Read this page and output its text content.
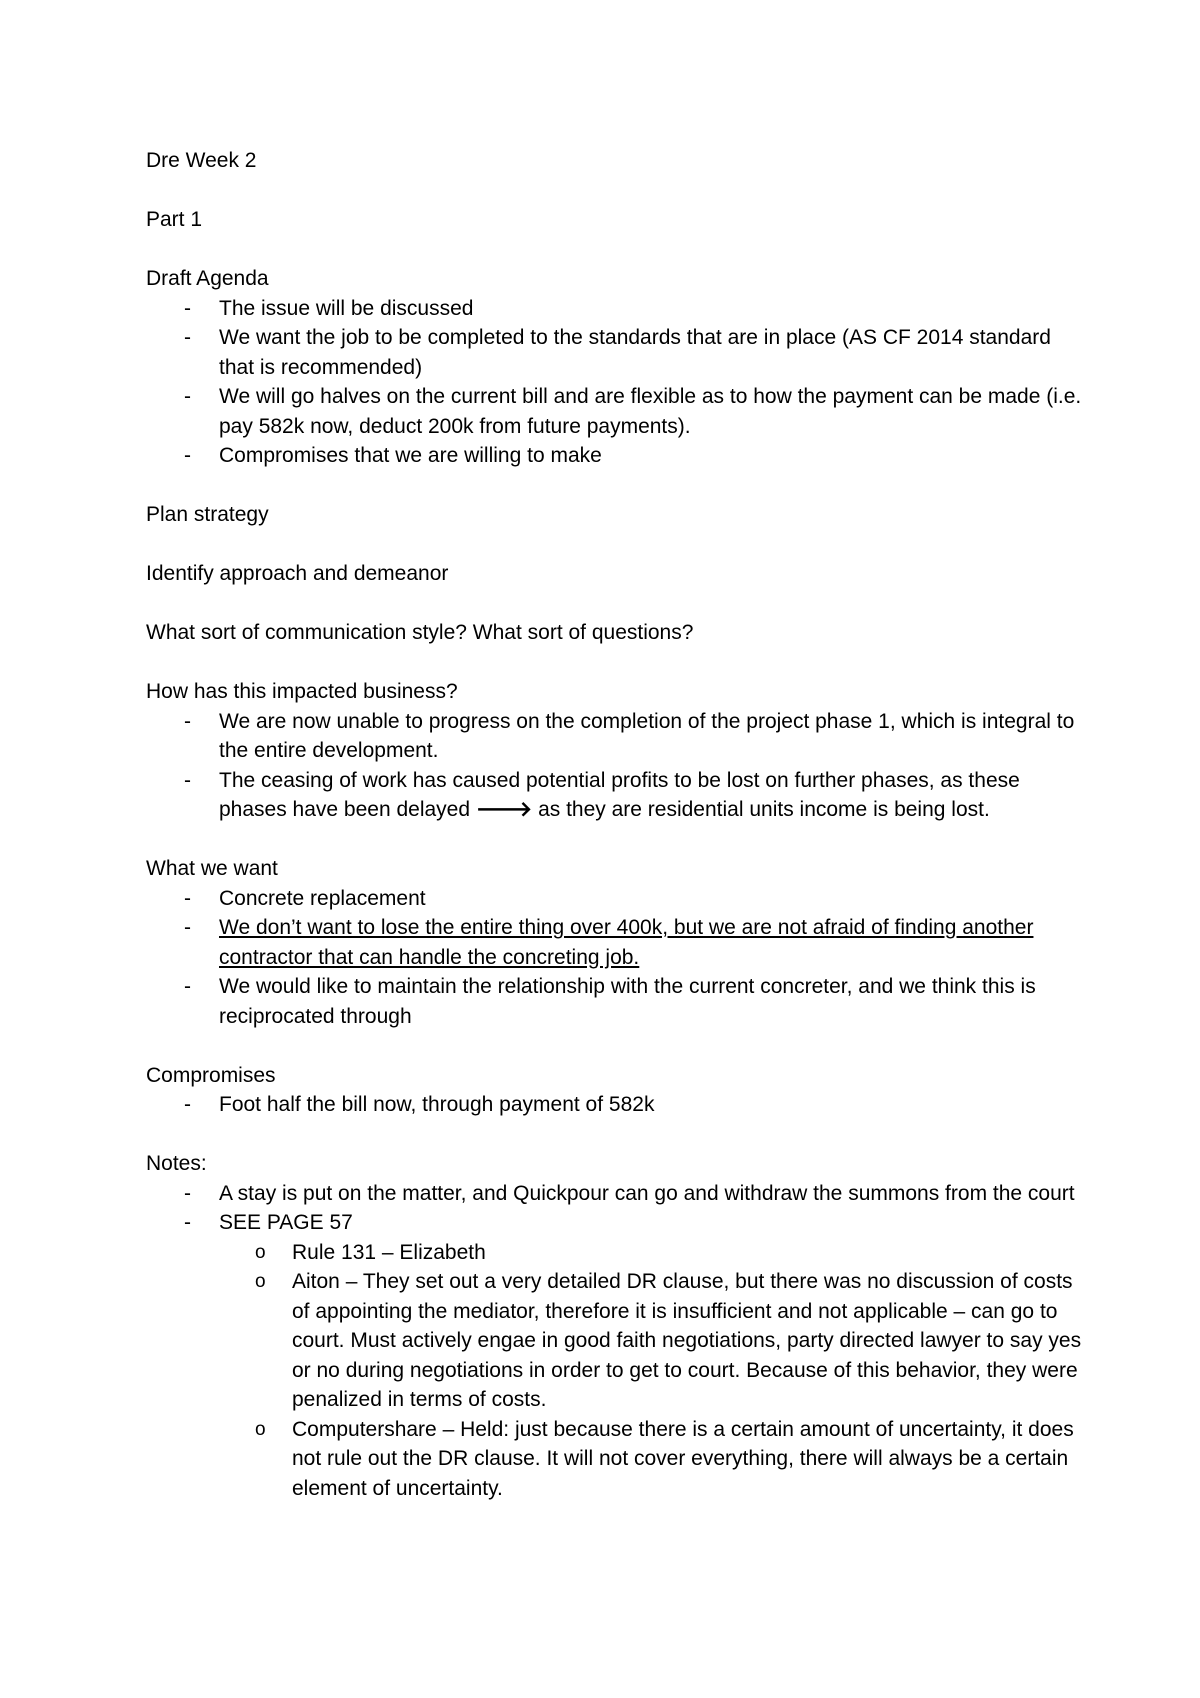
Dre Week 2

Part 1

Draft Agenda

- The issue will be discussed
- We want the job to be completed to the standards that are in place (AS CF 2014 standard that is recommended)
- We will go halves on the current bill and are flexible as to how the payment can be made (i.e. pay 582k now, deduct 200k from future payments).
- Compromises that we are willing to make

Plan strategy

Identify approach and demeanor

What sort of communication style? What sort of questions?

How has this impacted business?

- We are now unable to progress on the completion of the project phase 1, which is integral to the entire development.
- The ceasing of work has caused potential profits to be lost on further phases, as these phases have been delayed 🡒 as they are residential units income is being lost.

What we want

- Concrete replacement
- We don’t want to lose the entire thing over 400k, but we are not afraid of finding another contractor that can handle the concreting job.
- We would like to maintain the relationship with the current concreter, and we think this is reciprocated through

Compromises

- Foot half the bill now, through payment of 582k

Notes:

- A stay is put on the matter, and Quickpour can go and withdraw the summons from the court
- SEE PAGE 57
o Rule 131 – Elizabeth
o Aiton – They set out a very detailed DR clause, but there was no discussion of costs of appointing the mediator, therefore it is insufficient and not applicable – can go to court. Must actively engae in good faith negotiations, party directed lawyer to say yes or no during negotiations in order to get to court. Because of this behavior, they were penalized in terms of costs.
o Computershare – Held: just because there is a certain amount of uncertainty, it does not rule out the DR clause. It will not cover everything, there will always be a certain element of uncertainty.
